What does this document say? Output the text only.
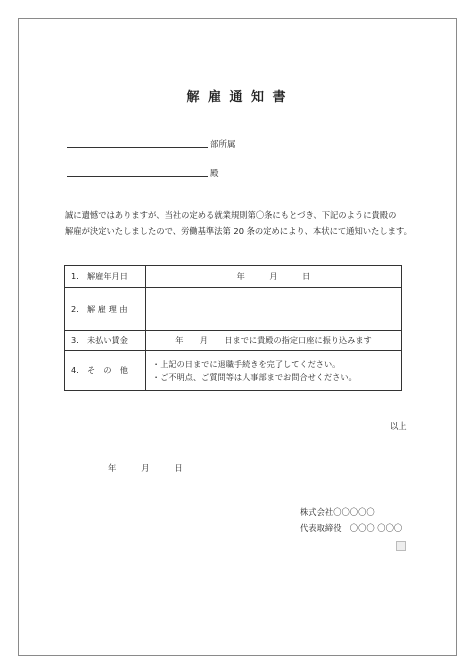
解 雇 通 知 書
部所属
殿
誠に遺憾ではありますが、当社の定める就業規則第〇条にもとづき、下記のように貴殿の
解雇が決定いたしましたので、労働基準法第 20 条の定めにより、本状にて通知いたします。
1.　解雇年月日	年　　　月　　　日
2.　解 雇 理 由	
3.　未払い賃金	年　　月　　日までに貴殿の指定口座に振り込みます
4.　そ　の　他	・上記の日までに退職手続きを完了してください。
・ご不明点、ご質問等は人事部までお問合せください。
以上
年　　　月　　　日
株式会社〇〇〇〇〇
代表取締役　〇〇〇 〇〇〇
